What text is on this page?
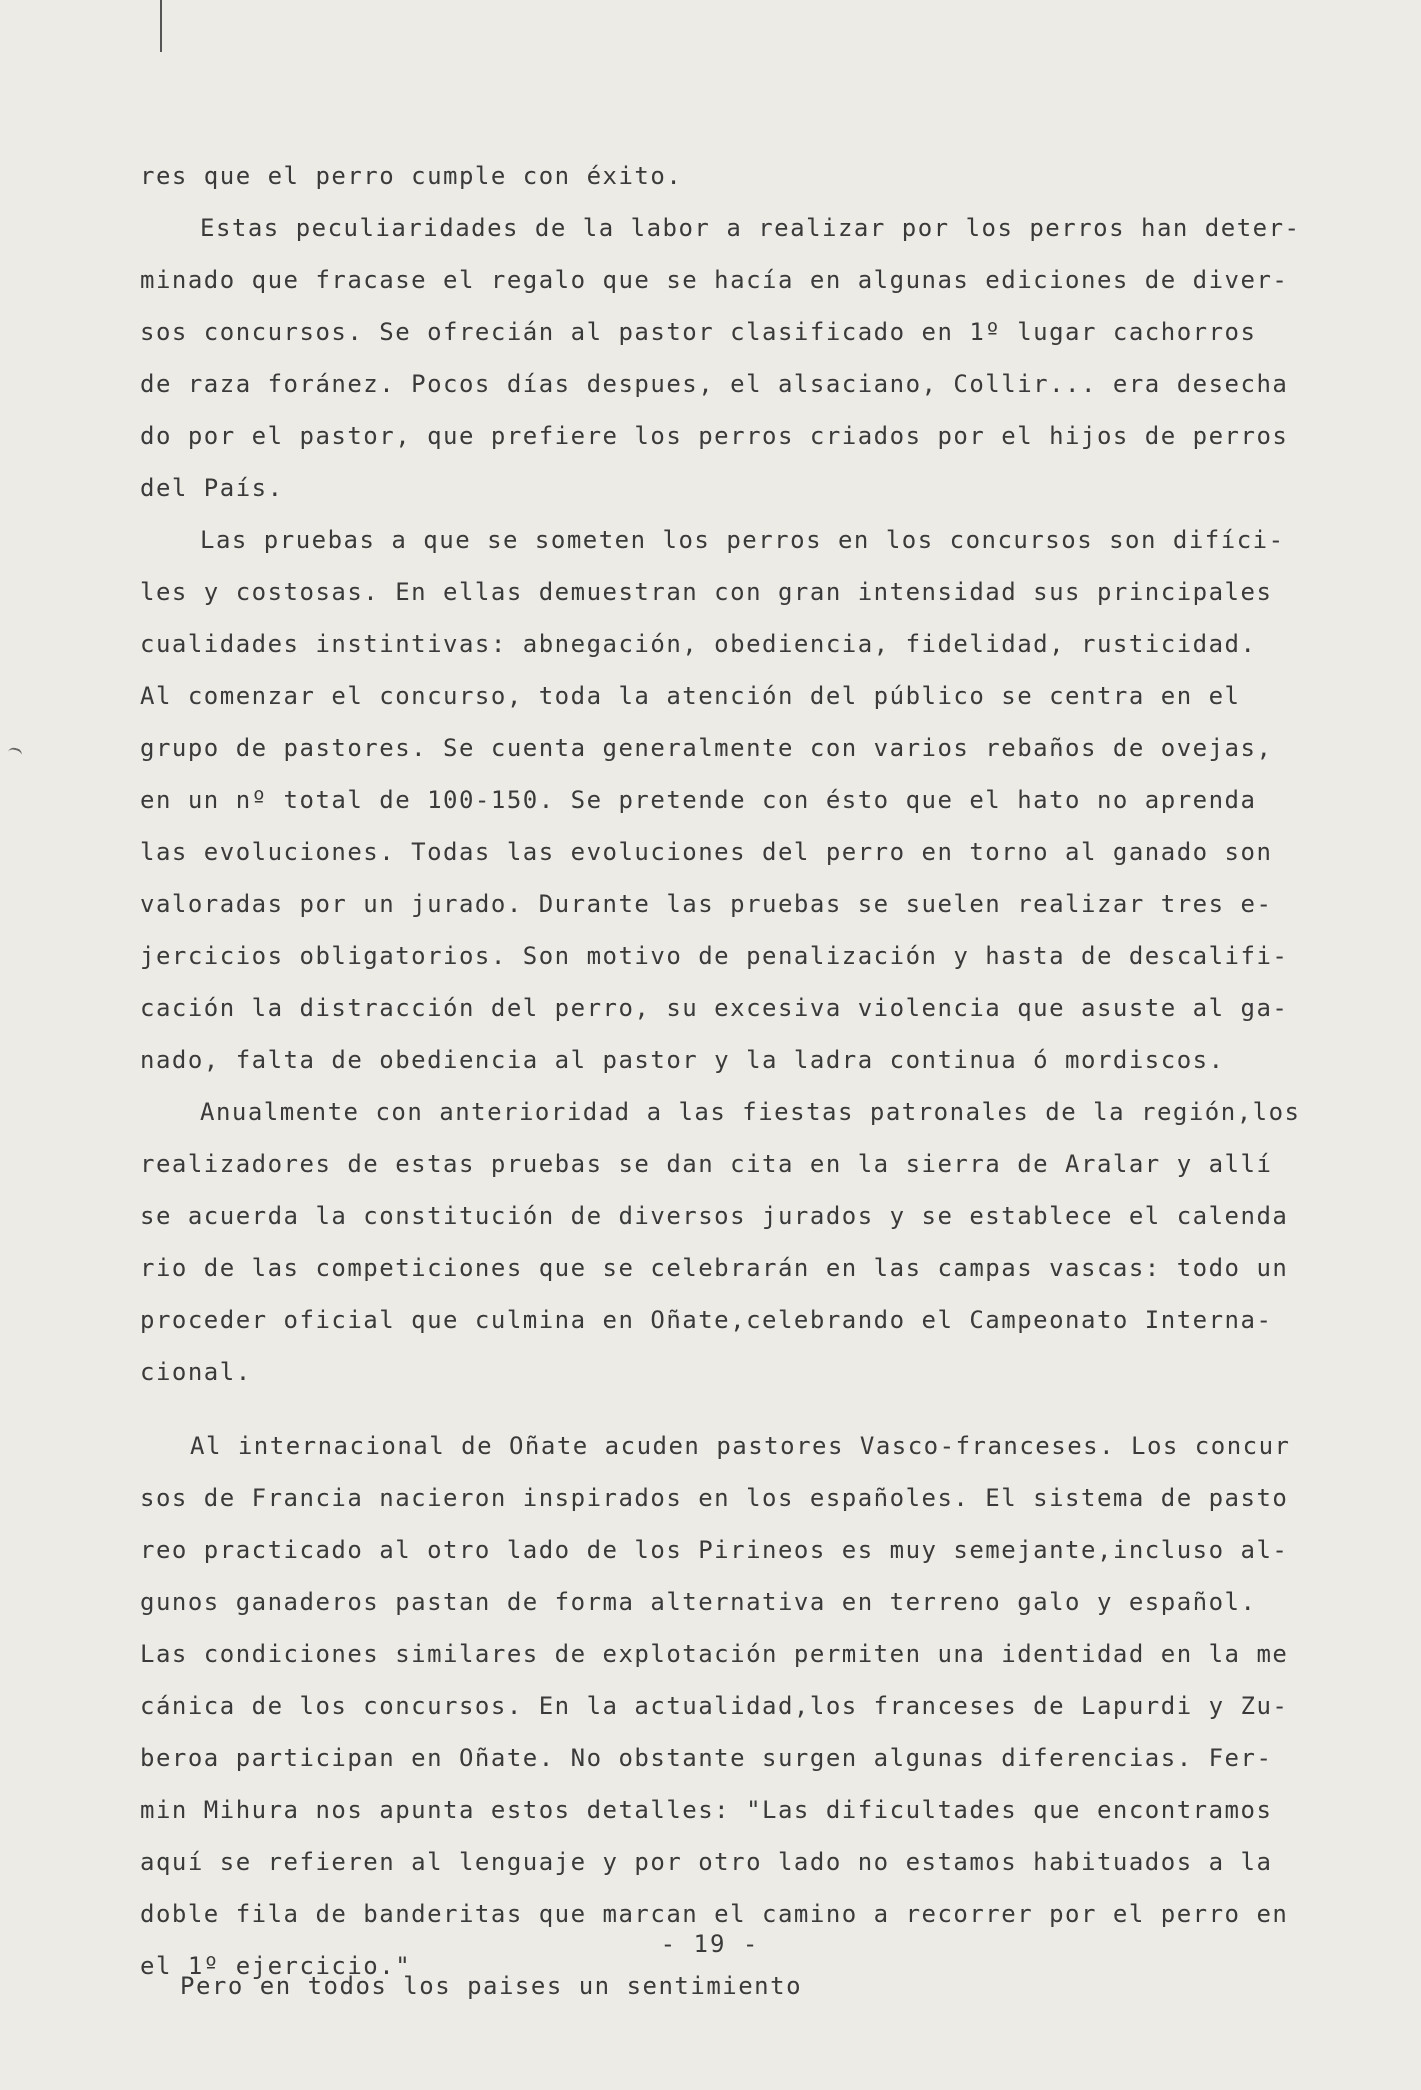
res que el perro cumple con éxito.
Estas peculiaridades de la labor a realizar por los perros han deter-
minado que fracase el regalo que se hacía en algunas ediciones de diver-
sos concursos. Se ofrecián al pastor clasificado en 1º lugar cachorros
de raza foránez. Pocos días despues, el alsaciano, Collir... era desecha
do por el pastor, que prefiere los perros criados por el hijos de perros
del País.
Las pruebas a que se someten los perros en los concursos son difíci-
les y costosas. En ellas demuestran con gran intensidad sus principales
cualidades instintivas: abnegación, obediencia, fidelidad, rusticidad.
Al comenzar el concurso, toda la atención del público se centra en el
grupo de pastores. Se cuenta generalmente con varios rebaños de ovejas,
en un nº total de 100-150. Se pretende con ésto que el hato no aprenda
las evoluciones. Todas las evoluciones del perro en torno al ganado son
valoradas por un jurado. Durante las pruebas se suelen realizar tres e-
jercicios obligatorios. Son motivo de penalización y hasta de descalifi-
cación la distracción del perro, su excesiva violencia que asuste al ga-
nado, falta de obediencia al pastor y la ladra continua ó mordiscos.
Anualmente con anterioridad a las fiestas patronales de la región,los
realizadores de estas pruebas se dan cita en la sierra de Aralar y allí
se acuerda la constitución de diversos jurados y se establece el calenda
rio de las competiciones que se celebrarán en las campas vascas: todo un
proceder oficial que culmina en Oñate,celebrando el Campeonato Interna-
cional.
Al internacional de Oñate acuden pastores Vasco-franceses. Los concur
sos de Francia nacieron inspirados en los españoles. El sistema de pasto
reo practicado al otro lado de los Pirineos es muy semejante,incluso al-
gunos ganaderos pastan de forma alternativa en terreno galo y español.
Las condiciones similares de explotación permiten una identidad en la me
cánica de los concursos. En la actualidad,los franceses de Lapurdi y Zu-
beroa participan en Oñate. No obstante surgen algunas diferencias. Fer-
min Mihura nos apunta estos detalles: "Las dificultades que encontramos
aquí se refieren al lenguaje y por otro lado no estamos habituados a la
doble fila de banderitas que marcan el camino a recorrer por el perro en
el 1º ejercicio."
- 19 -
Pero en todos los paises un sentimiento
